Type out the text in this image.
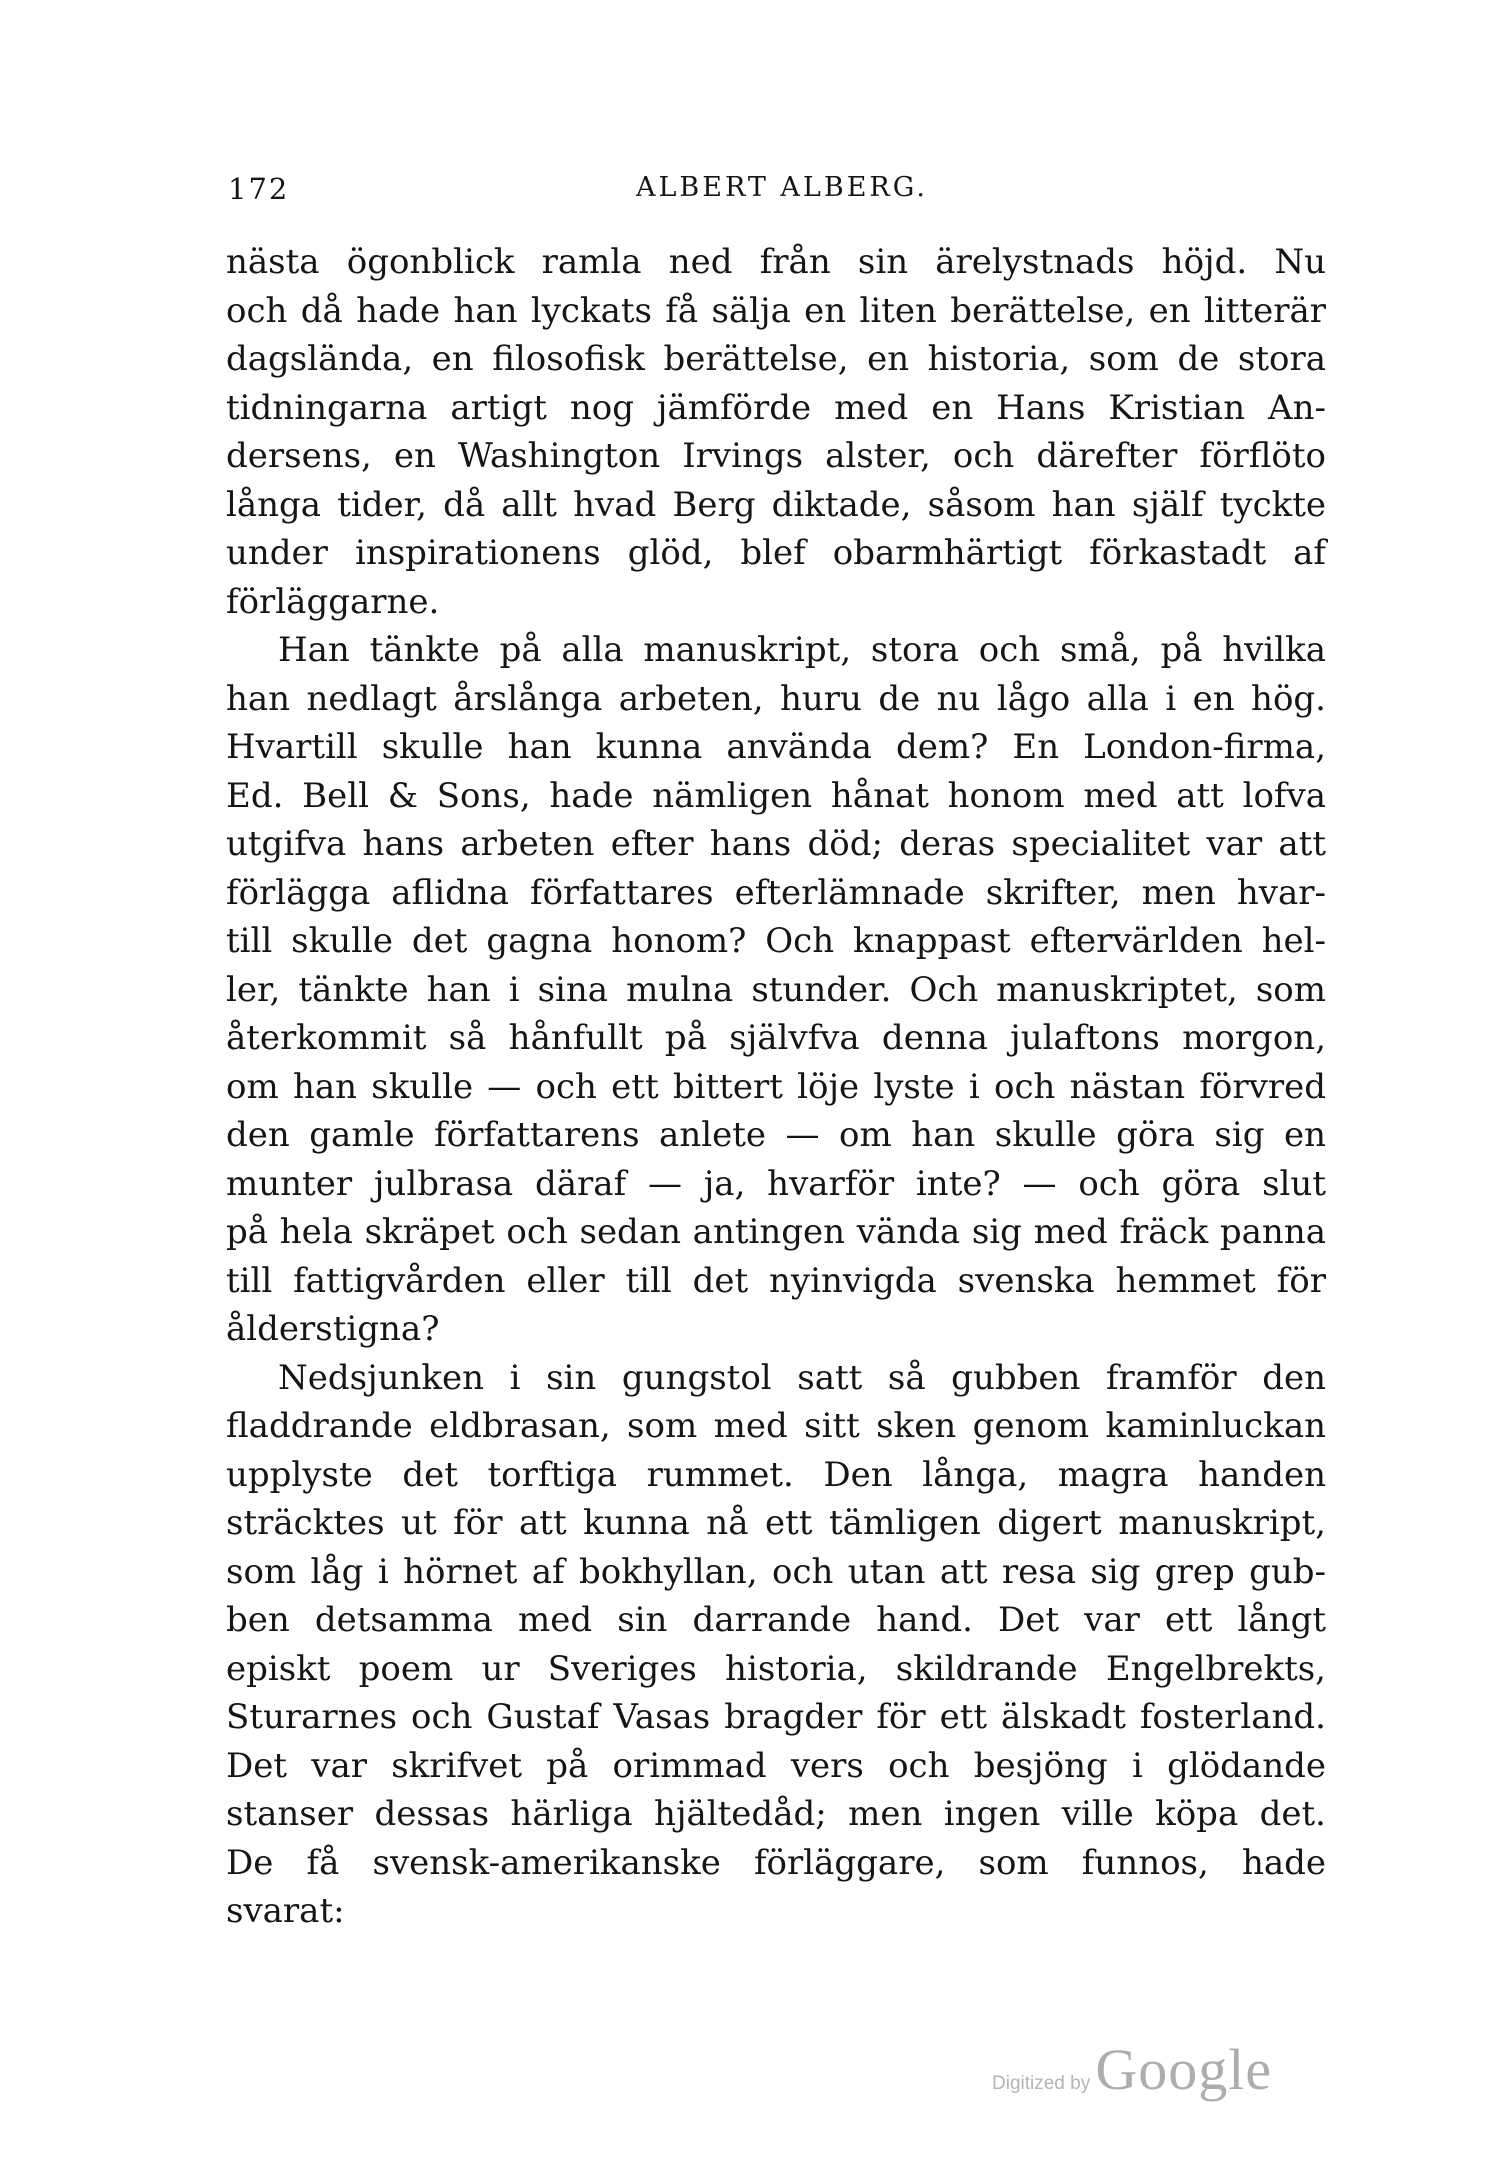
172	ALBERT ALBERG.
nästa ögonblick ramla ned från sin ärelystnads höjd. Nu
och då hade han lyckats få sälja en liten berättelse, en litterär
dagslända, en filosofisk berättelse, en historia, som de stora
tidningarna artigt nog jämförde med en Hans Kristian An-
dersens, en Washington Irvings alster, och därefter förflöto
långa tider, då allt hvad Berg diktade, såsom han själf tyckte
under inspirationens glöd, blef obarmhärtigt förkastadt af
förläggarne.
Han tänkte på alla manuskript, stora och små, på hvilka
han nedlagt årslånga arbeten, huru de nu lågo alla i en hög.
Hvartill skulle han kunna använda dem? En London-firma,
Ed. Bell & Sons, hade nämligen hånat honom med att lofva
utgifva hans arbeten efter hans död; deras specialitet var att
förlägga aflidna författares efterlämnade skrifter, men hvar-
till skulle det gagna honom? Och knappast eftervärlden hel-
ler, tänkte han i sina mulna stunder. Och manuskriptet, som
återkommit så hånfullt på självfva denna julaftons morgon,
om han skulle — och ett bittert löje lyste i och nästan förvred
den gamle författarens anlete — om han skulle göra sig en
munter julbrasa däraf — ja, hvarför inte? — och göra slut
på hela skräpet och sedan antingen vända sig med fräck panna
till fattigvården eller till det nyinvigda svenska hemmet för
ålderstigna?
Nedsjunken i sin gungstol satt så gubben framför den
fladdrande eldbrasan, som med sitt sken genom kaminluckan
upplyste det torftiga rummet. Den långa, magra handen
sträcktes ut för att kunna nå ett tämligen digert manuskript,
som låg i hörnet af bokhyllan, och utan att resa sig grep gub-
ben detsamma med sin darrande hand. Det var ett långt
episkt poem ur Sveriges historia, skildrande Engelbrekts,
Sturarnes och Gustaf Vasas bragder för ett älskadt fosterland.
Det var skrifvet på orimmad vers och besjöng i glödande
stanser dessas härliga hjältedåd; men ingen ville köpa det.
De få svensk-amerikanske förläggare, som funnos, hade
svarat:
Digitized by Google
